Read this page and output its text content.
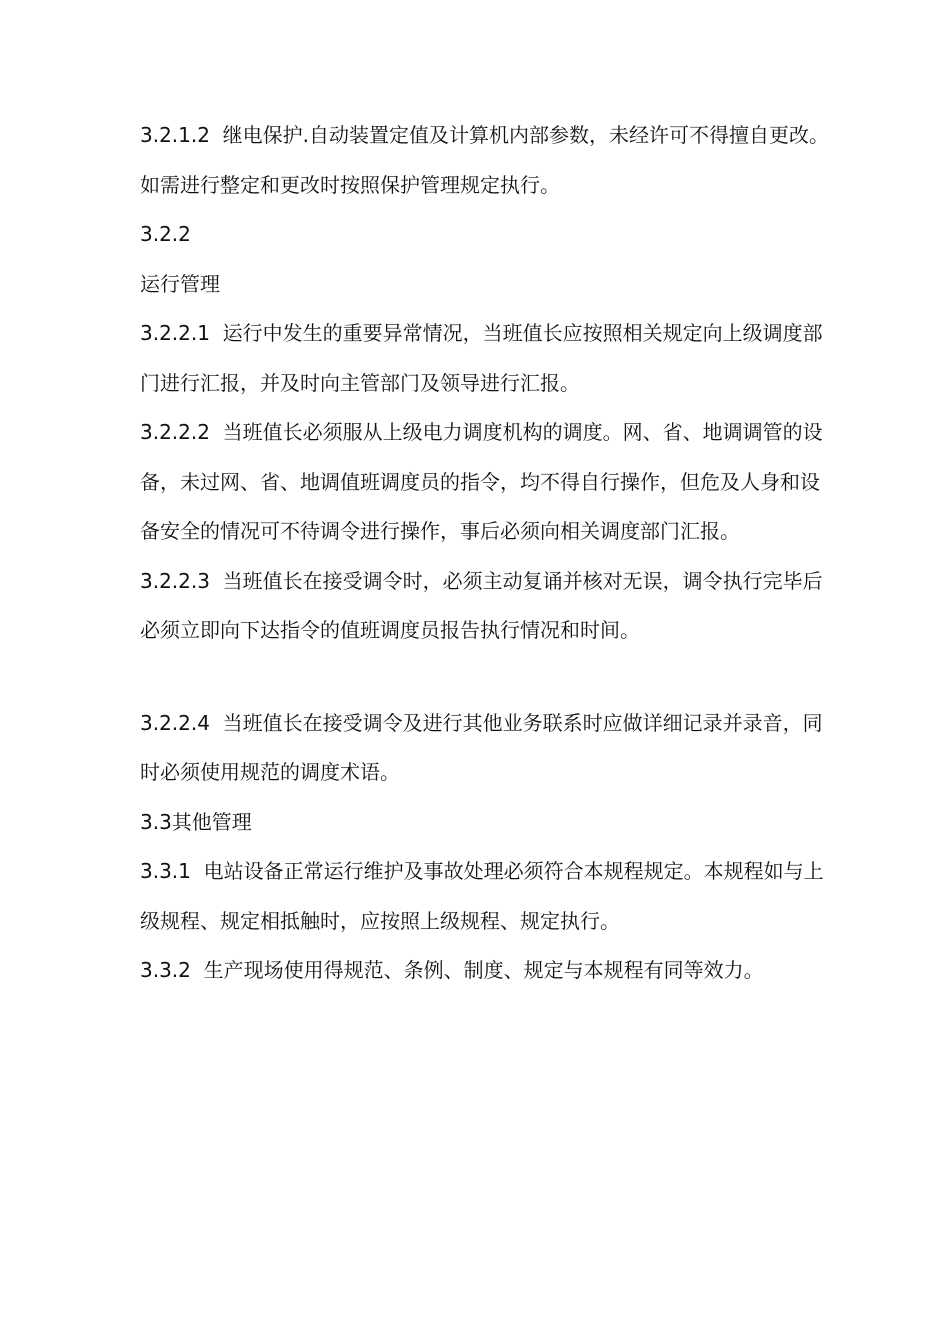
3.2.1.2  继电保护.自动装置定值及计算机内部参数，未经许可不得擅自更改。如需进行整定和更改时按照保护管理规定执行。

3.2.2

运行管理

3.2.2.1  运行中发生的重要异常情况，当班值长应按照相关规定向上级调度部门进行汇报，并及时向主管部门及领导进行汇报。

3.2.2.2  当班值长必须服从上级电力调度机构的调度。网、省、地调调管的设备，未过网、省、地调值班调度员的指令，均不得自行操作，但危及人身和设备安全的情况可不待调令进行操作，事后必须向相关调度部门汇报。

3.2.2.3  当班值长在接受调令时，必须主动复诵并核对无误，调令执行完毕后必须立即向下达指令的值班调度员报告执行情况和时间。

3.2.2.4  当班值长在接受调令及进行其他业务联系时应做详细记录并录音，同时必须使用规范的调度术语。

3.3其他管理

3.3.1  电站设备正常运行维护及事故处理必须符合本规程规定。本规程如与上级规程、规定相抵触时，应按照上级规程、规定执行。

3.3.2  生产现场使用得规范、条例、制度、规定与本规程有同等效力。
